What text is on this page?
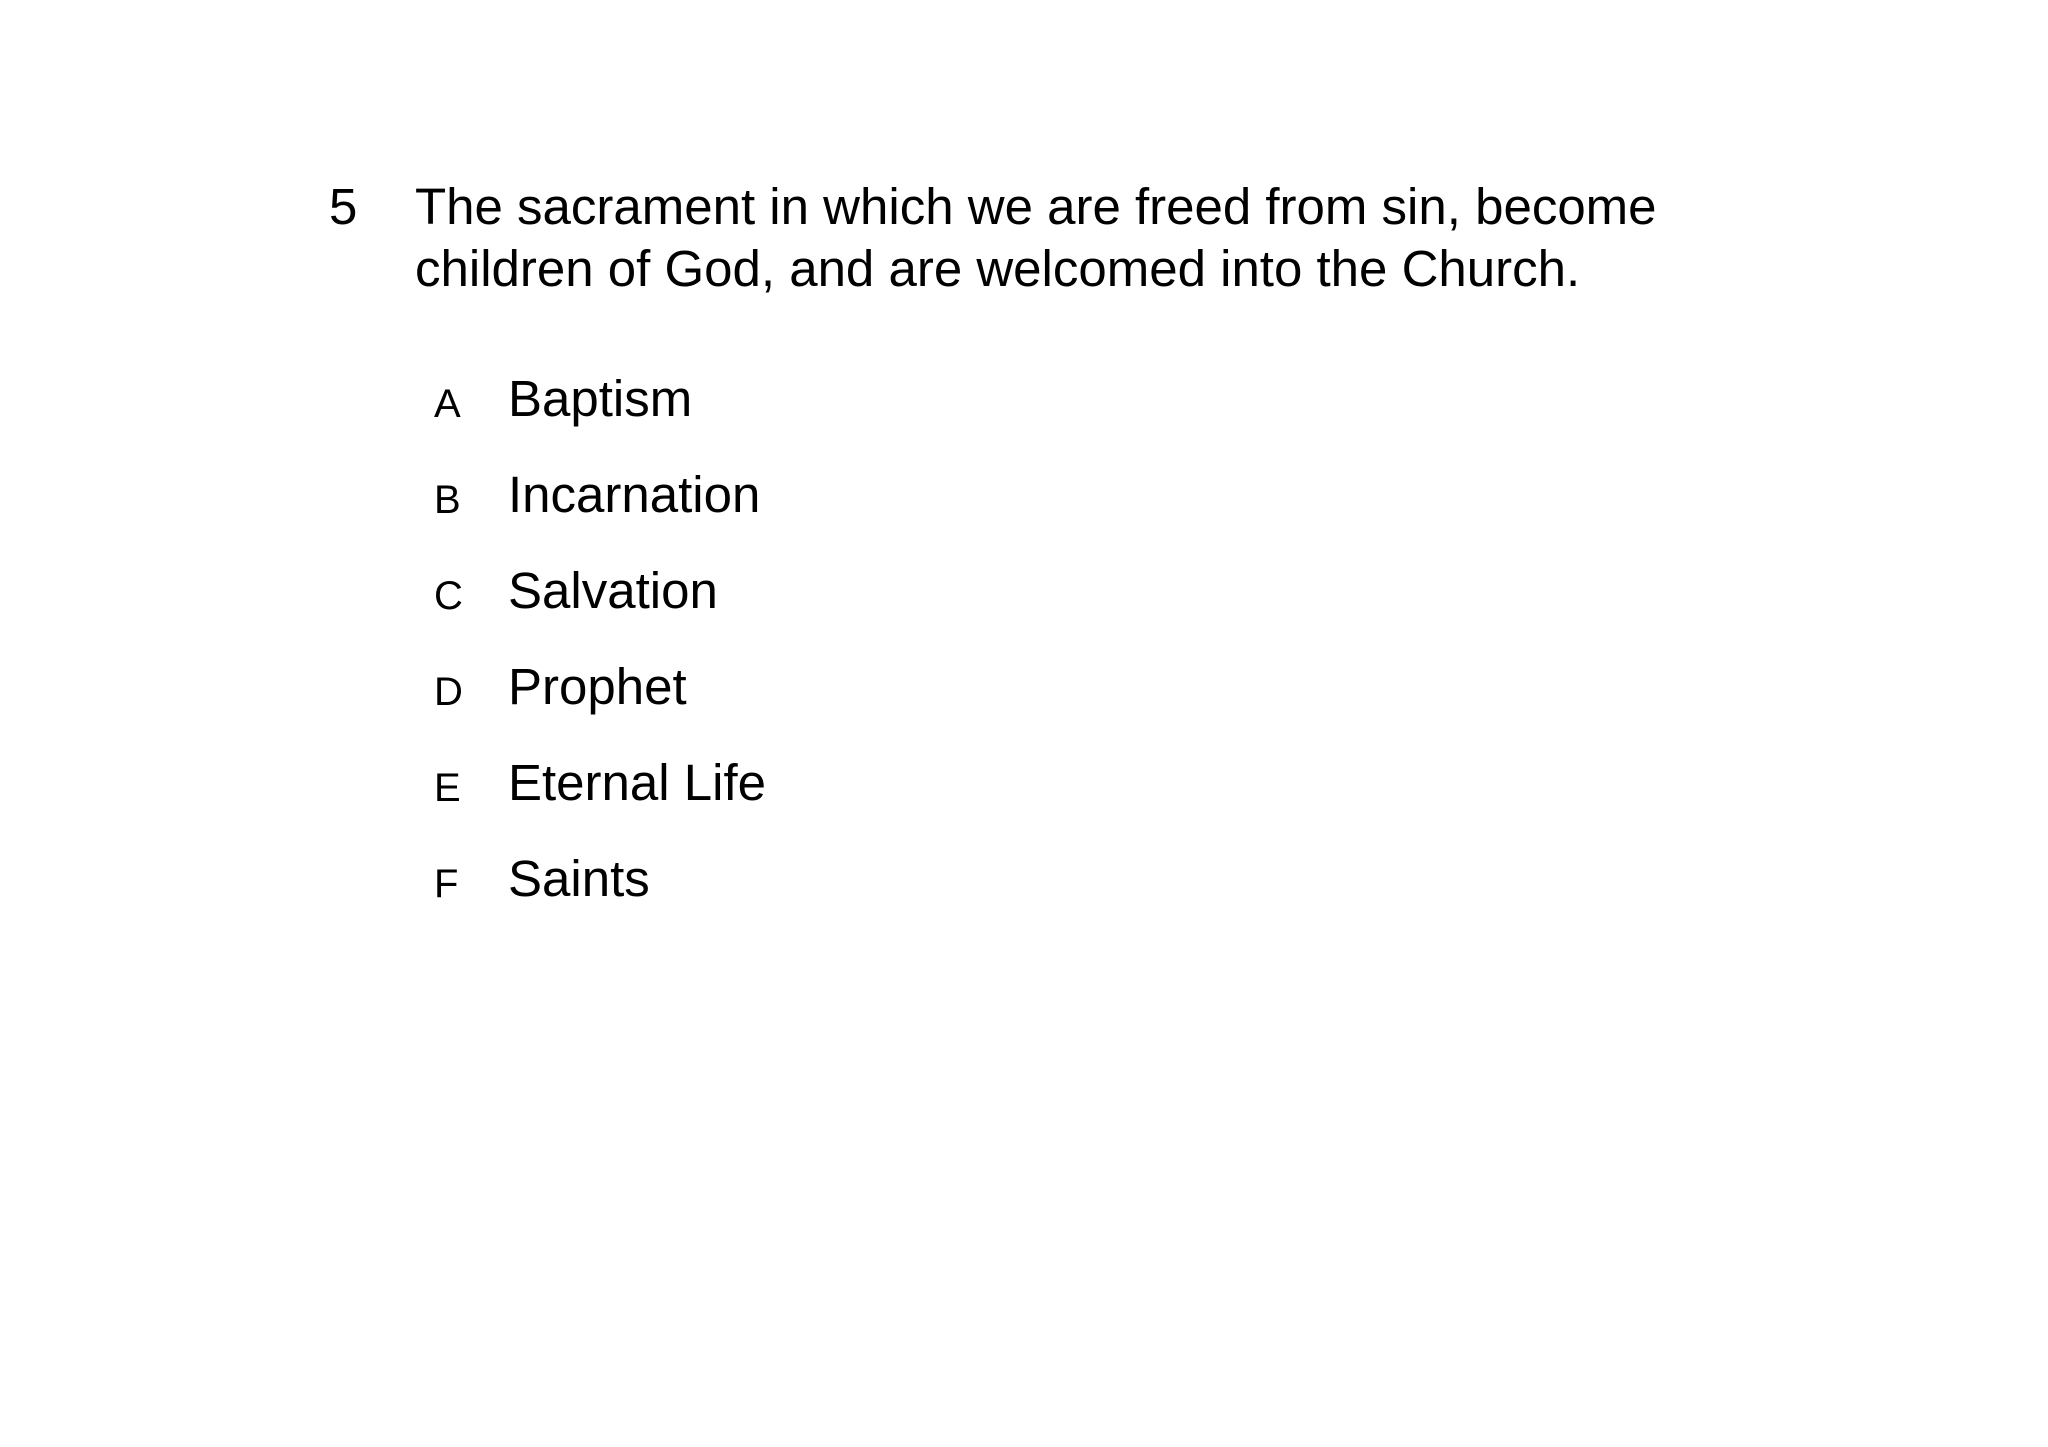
5 The sacrament in which we are freed from sin, become
children of God, and are welcomed into the Church.
A Baptism
B Incarnation
C Salvation
D Prophet
E Eternal Life
F Saints
